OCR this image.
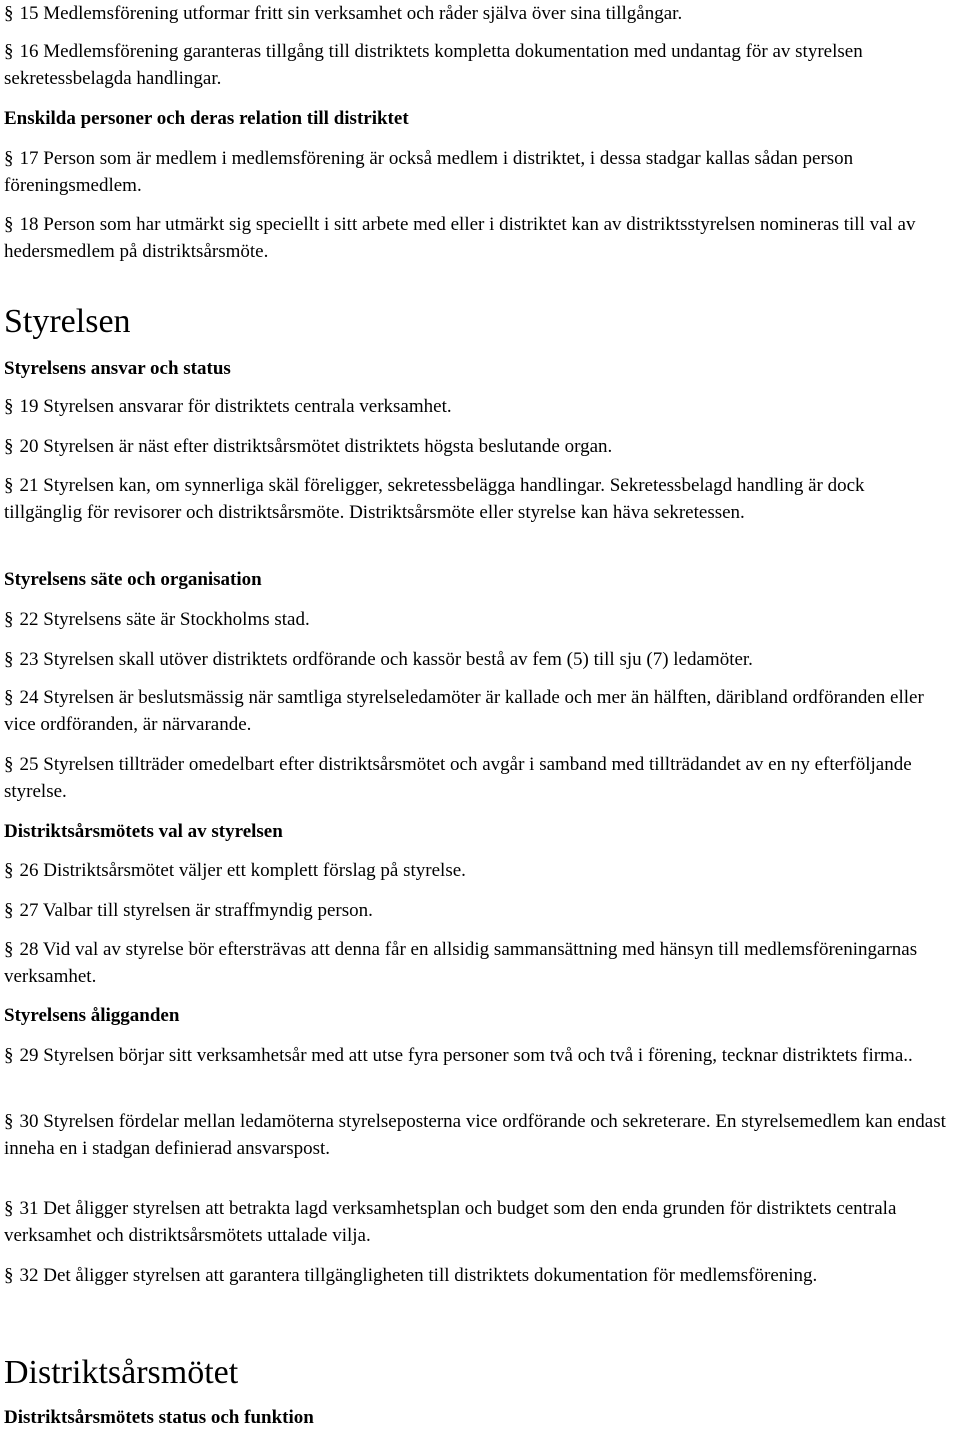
§ 15 Medlemsförening utformar fritt sin verksamhet och råder själva över sina tillgångar.

§ 16 Medlemsförening garanteras tillgång till distriktets kompletta dokumentation med undantag för av styrelsen sekretessbelagda handlingar.

Enskilda personer och deras relation till distriktet

§ 17 Person som är medlem i medlemsförening är också medlem i distriktet, i dessa stadgar kallas sådan person föreningsmedlem.

§ 18 Person som har utmärkt sig speciellt i sitt arbete med eller i distriktet kan av distriktsstyrelsen nomineras till val av hedersmedlem på distriktsårsmöte.

Styrelsen
Styrelsens ansvar och status

§ 19 Styrelsen ansvarar för distriktets centrala verksamhet.

§ 20 Styrelsen är näst efter distriktsårsmötet distriktets högsta beslutande organ.

§ 21 Styrelsen kan, om synnerliga skäl föreligger, sekretessbelägga handlingar. Sekretessbelagd handling är dock tillgänglig för revisorer och distriktsårsmöte. Distriktsårsmöte eller styrelse kan häva sekretessen.

Styrelsens säte och organisation

§ 22 Styrelsens säte är Stockholms stad.

§ 23 Styrelsen skall utöver distriktets ordförande och kassör bestå av fem (5) till sju (7) ledamöter.

§ 24 Styrelsen är beslutsmässig när samtliga styrelseledamöter är kallade och mer än hälften, däribland ordföranden eller vice ordföranden, är närvarande.

§ 25 Styrelsen tillträder omedelbart efter distriktsårsmötet och avgår i samband med tillträdandet av en ny efterföljande styrelse.

Distriktsårsmötets val av styrelsen

§ 26 Distriktsårsmötet väljer ett komplett förslag på styrelse.

§ 27 Valbar till styrelsen är straffmyndig person.

§ 28 Vid val av styrelse bör eftersträvas att denna får en allsidig sammansättning med hänsyn till medlemsföreningarnas verksamhet.

Styrelsens åligganden

§ 29 Styrelsen börjar sitt verksamhetsår med att utse fyra personer som två och två i förening, tecknar distriktets firma..

§ 30 Styrelsen fördelar mellan ledamöterna styrelseposterna vice ordförande och sekreterare. En styrelsemedlem kan endast inneha en i stadgan definierad ansvarspost.

§ 31 Det åligger styrelsen att betrakta lagd verksamhetsplan och budget som den enda grunden för distriktets centrala verksamhet och distriktsårsmötets uttalade vilja.

§ 32 Det åligger styrelsen att garantera tillgängligheten till distriktets dokumentation för medlemsförening.

Distriktsårsmötet
Distriktsårsmötets status och funktion
